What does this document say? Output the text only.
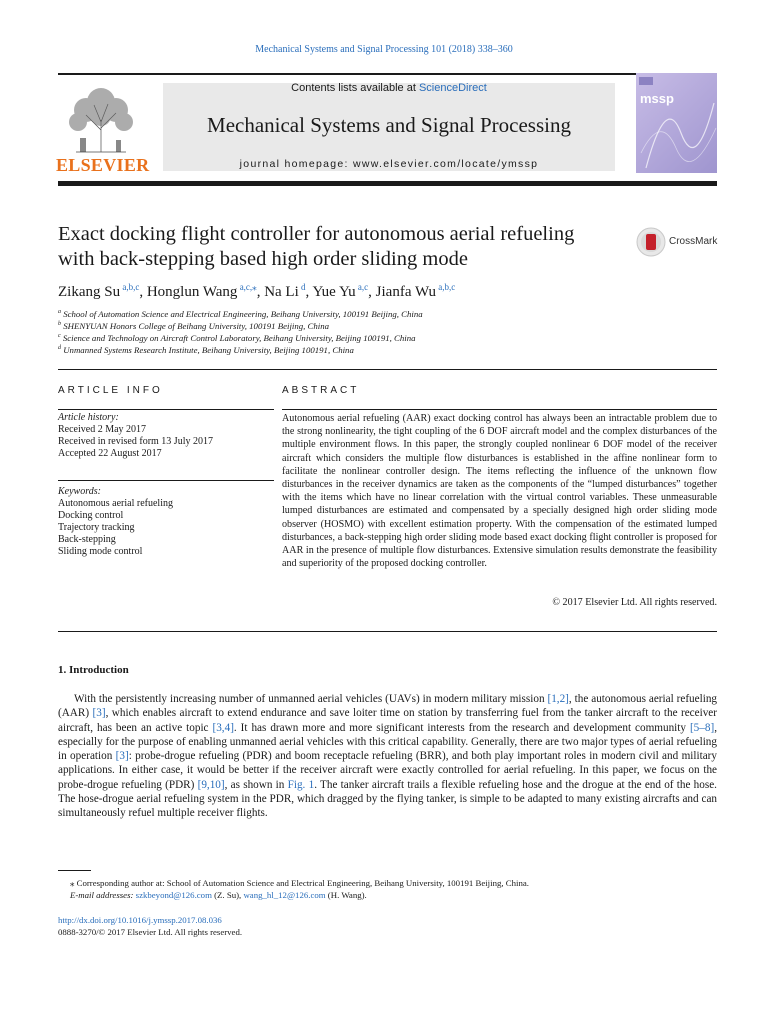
Mechanical Systems and Signal Processing 101 (2018) 338–360
ELSEVIER
Contents lists available at ScienceDirect
Mechanical Systems and Signal Processing
journal homepage: www.elsevier.com/locate/ymssp
mssp
Exact docking flight controller for autonomous aerial refueling
with back-stepping based high order sliding mode
CrossMark
Zikang Su $^{a,b,c}$, Honglun Wang $^{a,c,⁎}$, Na Li $^d$, Yue Yu $^{a,c}$, Jianfa Wu $^{a,b,c}$
$^a$ School of Automation Science and Electrical Engineering, Beihang University, 100191 Beijing, China
$^b$ SHENYUAN Honors College of Beihang University, 100191 Beijing, China
$^c$ Science and Technology on Aircraft Control Laboratory, Beihang University, Beijing 100191, China
$^d$ Unmanned Systems Research Institute, Beihang University, Beijing 100191, China
ARTICLE INFO	ABSTRACT
Article history:
Received 2 May 2017
Received in revised form 13 July 2017
Accepted 22 August 2017
Keywords:
Autonomous aerial refueling
Docking control
Trajectory tracking
Back-stepping
Sliding mode control
Autonomous aerial refueling (AAR) exact docking control has always been an intractable problem due to the strong nonlinearity, the tight coupling of the 6 DOF aircraft model and the complex disturbances of the multiple environment flows. In this paper, the strongly coupled nonlinear 6 DOF model of the receiver aircraft which considers the multiple flow disturbances is established in the affine nonlinear form to facilitate the nonlinear controller design. The items reflecting the influence of the unknown flow disturbances in the receiver dynamics are taken as the components of the “lumped disturbances” together with the items which have no linear correlation with the virtual control variables. These unmeasurable lumped disturbances are estimated and compensated by a specially designed high order sliding mode observer (HOSMO) with excellent estimation property. With the compensation of the estimated lumped disturbances, a back-stepping high order sliding mode based exact docking flight controller is proposed for AAR in the presence of multiple flow disturbances. Extensive simulation results demonstrate the feasibility and superiority of the proposed docking controller.
© 2017 Elsevier Ltd. All rights reserved.
1. Introduction

With the persistently increasing number of unmanned aerial vehicles (UAVs) in modern military mission [1,2], the autonomous aerial refueling (AAR) [3], which enables aircraft to extend endurance and save loiter time on station by transferring fuel from the tanker aircraft to the receiver aircraft, has been an active topic [3,4]. It has drawn more and more significant interests from the research and development community [5–8], especially for the purpose of enabling unmanned aerial vehicles with this critical capability. Generally, there are two major types of aerial refueling in operation [3]: probe-drogue refueling (PDR) and boom receptacle refueling (BRR), and both play important roles in modern civil and military applications. In either case, it would be better if the receiver aircraft were exactly controlled for aerial refueling. In this paper, we focus on the probe-drogue refueling (PDR) [9,10], as shown in Fig. 1. The tanker aircraft trails a flexible refueling hose and the drogue at the end of the hose. The hose-drogue aerial refueling system in the PDR, which dragged by the flying tanker, is simple to be adapted to many existing aircrafts and can simultaneously refuel multiple receiver flights.

⁎ Corresponding author at: School of Automation Science and Electrical Engineering, Beihang University, 100191 Beijing, China.
E-mail addresses: szkbeyond@126.com (Z. Su), wang_hl_12@126.com (H. Wang).
http://dx.doi.org/10.1016/j.ymssp.2017.08.036
0888-3270/© 2017 Elsevier Ltd. All rights reserved.
